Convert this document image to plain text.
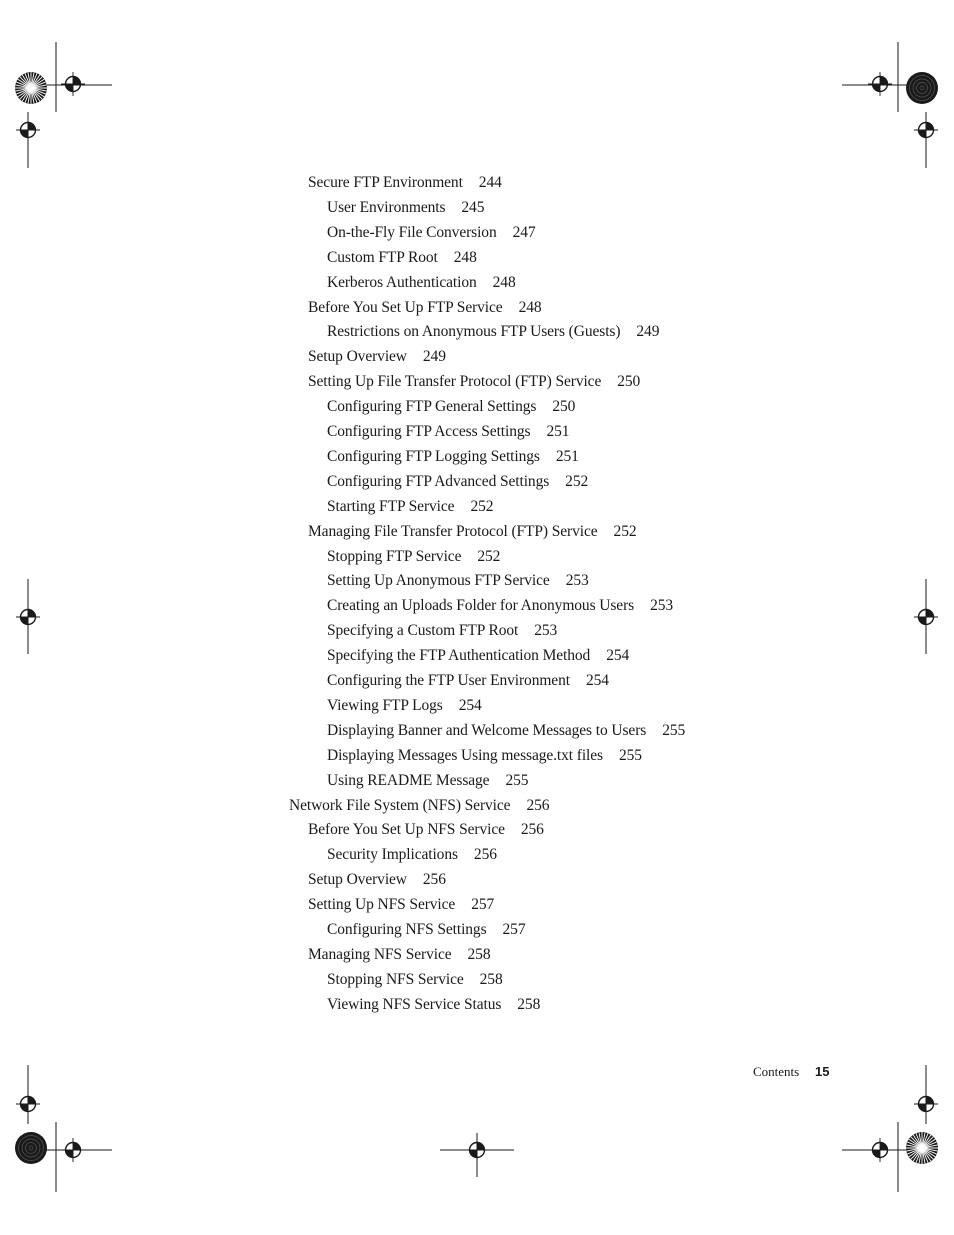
Secure FTP Environment 244
User Environments 245
On-the-Fly File Conversion 247
Custom FTP Root 248
Kerberos Authentication 248
Before You Set Up FTP Service 248
Restrictions on Anonymous FTP Users (Guests) 249
Setup Overview 249
Setting Up File Transfer Protocol (FTP) Service 250
Configuring FTP General Settings 250
Configuring FTP Access Settings 251
Configuring FTP Logging Settings 251
Configuring FTP Advanced Settings 252
Starting FTP Service 252
Managing File Transfer Protocol (FTP) Service 252
Stopping FTP Service 252
Setting Up Anonymous FTP Service 253
Creating an Uploads Folder for Anonymous Users 253
Specifying a Custom FTP Root 253
Specifying the FTP Authentication Method 254
Configuring the FTP User Environment 254
Viewing FTP Logs 254
Displaying Banner and Welcome Messages to Users 255
Displaying Messages Using message.txt files 255
Using README Message 255
Network File System (NFS) Service 256
Before You Set Up NFS Service 256
Security Implications 256
Setup Overview 256
Setting Up NFS Service 257
Configuring NFS Settings 257
Managing NFS Service 258
Stopping NFS Service 258
Viewing NFS Service Status 258
Contents 15
